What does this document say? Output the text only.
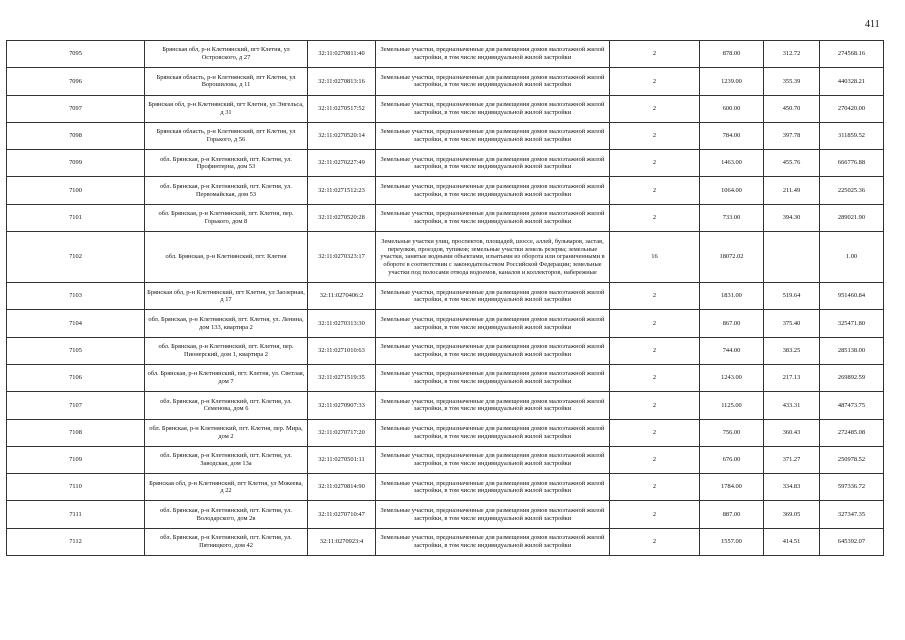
411
7095	Брянская обл, р-н Клетнянский, пгт Клетня, ул Островского, д 27	32:11:0270811:40	Земельные участки, предназначенные для размещения домов малоэтажной жилой застройки, в том числе индивидуальной жилой застройки	2	878.00	312.72	274568.16
7096	Брянская область, р-н Клетнянский, пгт Клетня, ул Ворошилова, д 11	32:11:0270813:16	Земельные участки, предназначенные для размещения домов малоэтажной жилой застройки, в том числе индивидуальной жилой застройки	2	1239.00	355.39	440328.21
7097	Брянская обл, р-н Клетнянский, пгт Клетня, ул Энгельса, д 31	32:11:0270517:52	Земельные участки, предназначенные для размещения домов малоэтажной жилой застройки, в том числе индивидуальной жилой застройки	2	600.00	450.70	270420.00
7098	Брянская область, р-н Клетнянский, пгт Клетня, ул Горького, д 56	32:11:0270520:14	Земельные участки, предназначенные для размещения домов малоэтажной жилой застройки, в том числе индивидуальной жилой застройки	2	784.00	397.78	311859.52
7099	обл. Брянская, р-н Клетнянский, пгт. Клетня, ул. Профинтерна, дом 53	32:11:0270227:49	Земельные участки, предназначенные для размещения домов малоэтажной жилой застройки, в том числе индивидуальной жилой застройки	2	1463.00	455.76	666776.88
7100	обл. Брянская, р-н Клетнянский, пгт. Клетня, ул. Первомайская, дом 53	32:11:0271512:23	Земельные участки, предназначенные для размещения домов малоэтажной жилой застройки, в том числе индивидуальной жилой застройки	2	1064.00	211.49	225025.36
7101	обл. Брянская, р-н Клетнянский, пгт. Клетня, пер. Горького, дом 8	32:11:0270520:28	Земельные участки, предназначенные для размещения домов малоэтажной жилой застройки, в том числе индивидуальной жилой застройки	2	733.00	394.30	289021.90
7102	обл. Брянская, р-н Клетнянский, пгт. Клетня	32:11:0270323:17	Земельные участки улиц, проспектов, площадей, шоссе, аллей, бульваров, застав, переулков, проездов, тупиков; земельные участки земель резерва; земельные участки, занятые водными объектами, изъятыми из оборота или ограниченными в обороте в соответствии с законодательством Российской Федерации; земельные участки под полосами отвода водоемов, каналов и коллекторов, набережные	16	18072.02		1.00
7103	Брянская обл, р-н Клетнянский, пгт Клетня, ул Заозерная, д 17	32:11:0270406:2	Земельные участки, предназначенные для размещения домов малоэтажной жилой застройки, в том числе индивидуальной жилой застройки	2	1831.00	519.64	951460.84
7104	обл. Брянская, р-н Клетнянский, пгт. Клетня, ул. Ленина, дом 133, квартира 2	32:11:0270313:30	Земельные участки, предназначенные для размещения домов малоэтажной жилой застройки, в том числе индивидуальной жилой застройки	2	867.00	375.40	325471.80
7105	обл. Брянская, р-н Клетнянский, пгт. Клетня, пер. Пионерский, дом 1, квартира 2	32:11:0271010:63	Земельные участки, предназначенные для размещения домов малоэтажной жилой застройки, в том числе индивидуальной жилой застройки	2	744.00	383.25	285138.00
7106	обл. Брянская, р-н Клетнянский, пгт. Клетня, ул. Светлая, дом 7	32:11:0271519:35	Земельные участки, предназначенные для размещения домов малоэтажной жилой застройки, в том числе индивидуальной жилой застройки	2	1243.00	217.13	269892.59
7107	обл. Брянская, р-н Клетнянский, пгт. Клетня, ул. Семенова, дом 6	32:11:0270907:33	Земельные участки, предназначенные для размещения домов малоэтажной жилой застройки, в том числе индивидуальной жилой застройки	2	1125.00	433.31	487473.75
7108	обл. Брянская, р-н Клетнянский, пгт. Клетня, пер. Мира, дом 2	32:11:0270717:20	Земельные участки, предназначенные для размещения домов малоэтажной жилой застройки, в том числе индивидуальной жилой застройки	2	756.00	360.43	272485.08
7109	обл. Брянская, р-н Клетнянский, пгт. Клетня, ул. Заводская, дом 13а	32:11:0270501:11	Земельные участки, предназначенные для размещения домов малоэтажной жилой застройки, в том числе индивидуальной жилой застройки	2	676.00	371.27	250978.52
7110	Брянская обл, р-н Клетнянский, пгт Клетня, ул Мокеева, д 22	32:11:0270814:90	Земельные участки, предназначенные для размещения домов малоэтажной жилой застройки, в том числе индивидуальной жилой застройки	2	1784.00	334.83	597336.72
7111	обл. Брянская, р-н Клетнянский, пгт. Клетня, ул. Володарского, дом 2в	32:11:0270710:47	Земельные участки, предназначенные для размещения домов малоэтажной жилой застройки, в том числе индивидуальной жилой застройки	2	887.00	369.05	327347.35
7112	обл. Брянская, р-н Клетнянский, пгт. Клетня, ул. Пятницкого, дом 42	32:11:0270923:4	Земельные участки, предназначенные для размещения домов малоэтажной жилой застройки, в том числе индивидуальной жилой застройки	2	1557.00	414.51	645392.07
